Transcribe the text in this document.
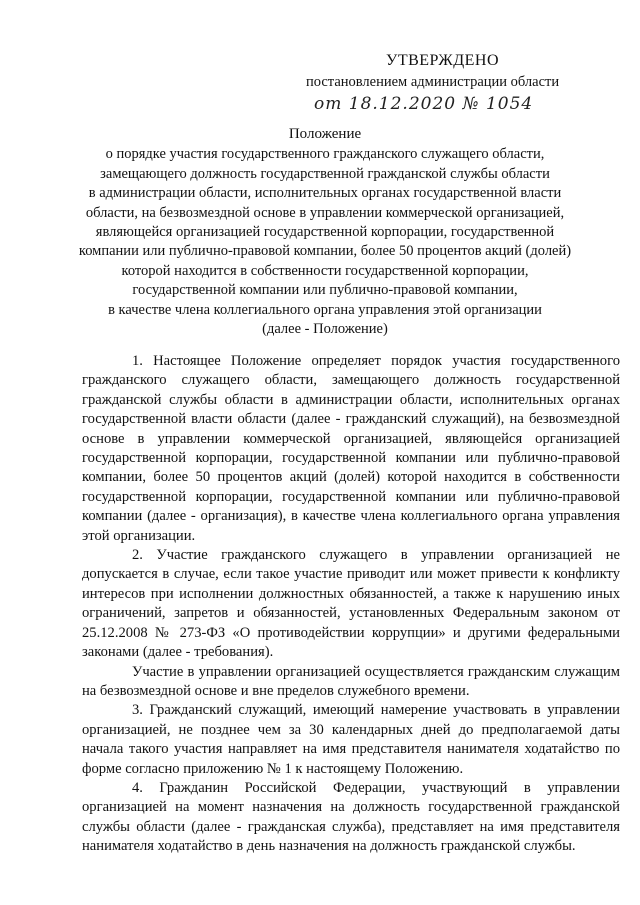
УТВЕРЖДЕНО
постановлением администрации области
от 18.12.2020 № 1054
Положение
о порядке участия государственного гражданского служащего области,
замещающего должность государственной гражданской службы области
в администрации области, исполнительных органах государственной власти
области, на безвозмездной основе в управлении коммерческой организацией,
являющейся организацией государственной корпорации, государственной
компании или публично-правовой компании, более 50 процентов акций (долей)
которой находится в собственности государственной корпорации,
государственной компании или публично-правовой компании,
в качестве члена коллегиального органа управления этой организации
(далее - Положение)

1. Настоящее Положение определяет порядок участия государственного гражданского служащего области, замещающего должность государственной гражданской службы области в администрации области, исполнительных органах государственной власти области (далее - гражданский служащий), на безвозмездной основе в управлении коммерческой организацией, являющейся организацией государственной корпорации, государственной компании или публично-правовой компании, более 50 процентов акций (долей) которой находится в собственности государственной корпорации, государственной компании или публично-правовой компании (далее - организация), в качестве члена коллегиального органа управления этой организации.

2. Участие гражданского служащего в управлении организацией не допускается в случае, если такое участие приводит или может привести к конфликту интересов при исполнении должностных обязанностей, а также к нарушению иных ограничений, запретов и обязанностей, установленных Федеральным законом от 25.12.2008 № 273-ФЗ «О противодействии коррупции» и другими федеральными законами (далее - требования).

Участие в управлении организацией осуществляется гражданским служащим на безвозмездной основе и вне пределов служебного времени.

3. Гражданский служащий, имеющий намерение участвовать в управлении организацией, не позднее чем за 30 календарных дней до предполагаемой даты начала такого участия направляет на имя представителя нанимателя ходатайство по форме согласно приложению № 1 к настоящему Положению.

4. Гражданин Российской Федерации, участвующий в управлении организацией на момент назначения на должность государственной гражданской службы области (далее - гражданская служба), представляет на имя представителя нанимателя ходатайство в день назначения на должность гражданской службы.
